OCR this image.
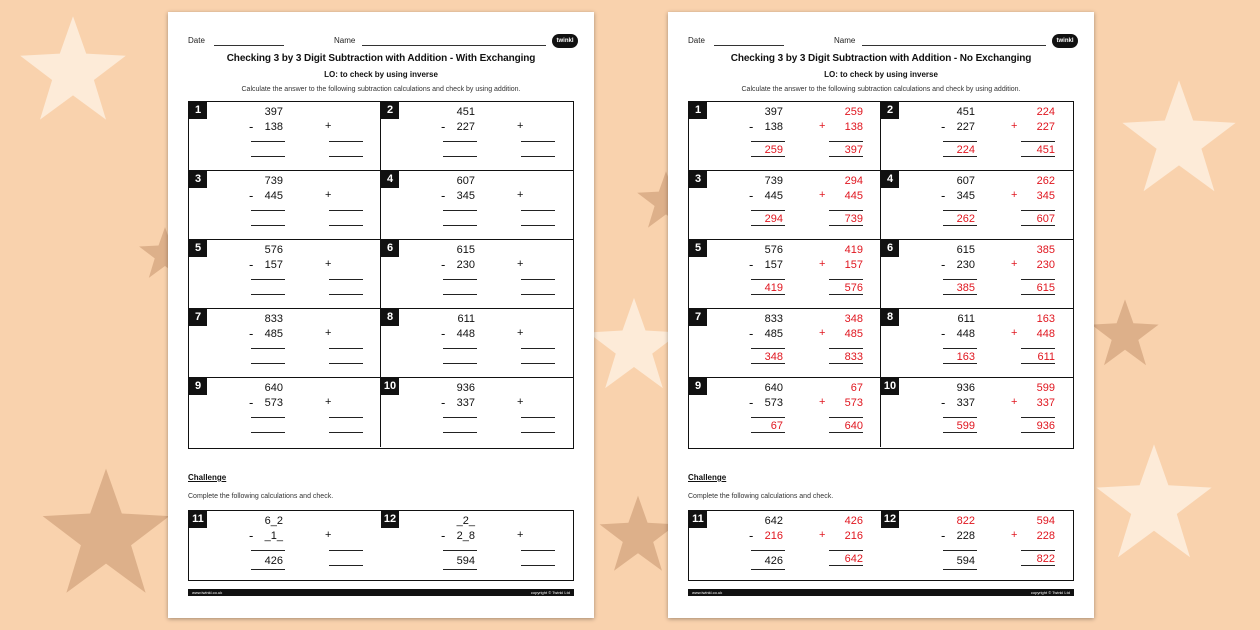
Date	Name	twinkl
Checking 3 by 3 Digit Subtraction with Addition - With Exchanging
LO: to check by using inverse
Calculate the answer to the following subtraction calculations and check by using addition.
1	397
-	138	+
2	451
-	227	+
3	739
-	445	+
4	607
-	345	+
5	576
-	157	+
6	615
-	230	+
7	833
-	485	+
8	611
-	448	+
9	640
-	573	+
10	936
-	337	+
Challenge
Complete the following calculations and check.
11	6_2
-	_1_	+
426
12	_2_
-	2_8	+
594
www.twinkl.co.uk	copyright © Twinkl Ltd
Date	Name	twinkl
Checking 3 by 3 Digit Subtraction with Addition - No Exchanging
LO: to check by using inverse
Calculate the answer to the following subtraction calculations and check by using addition.
1	397
-	138
259
+	138
259	397
2	451
-	227
224
+	227
224	451
3	739
-	445
294
+	445
294	739
4	607
-	345
262
+	345
262	607
5	576
-	157
419
+	157
419	576
6	615
-	230
385
+	230
385	615
7	833
-	485
348
+	485
348	833
8	611
-	448
163
+	448
163	611
9	640
-	573
67
+	573
67	640
10	936
-	337
599
+	337
599	936
Challenge
Complete the following calculations and check.
11	642
-	216
426
+	216
426	642
12	822
-	228
594
+	228
594	822
www.twinkl.co.uk	copyright © Twinkl Ltd
